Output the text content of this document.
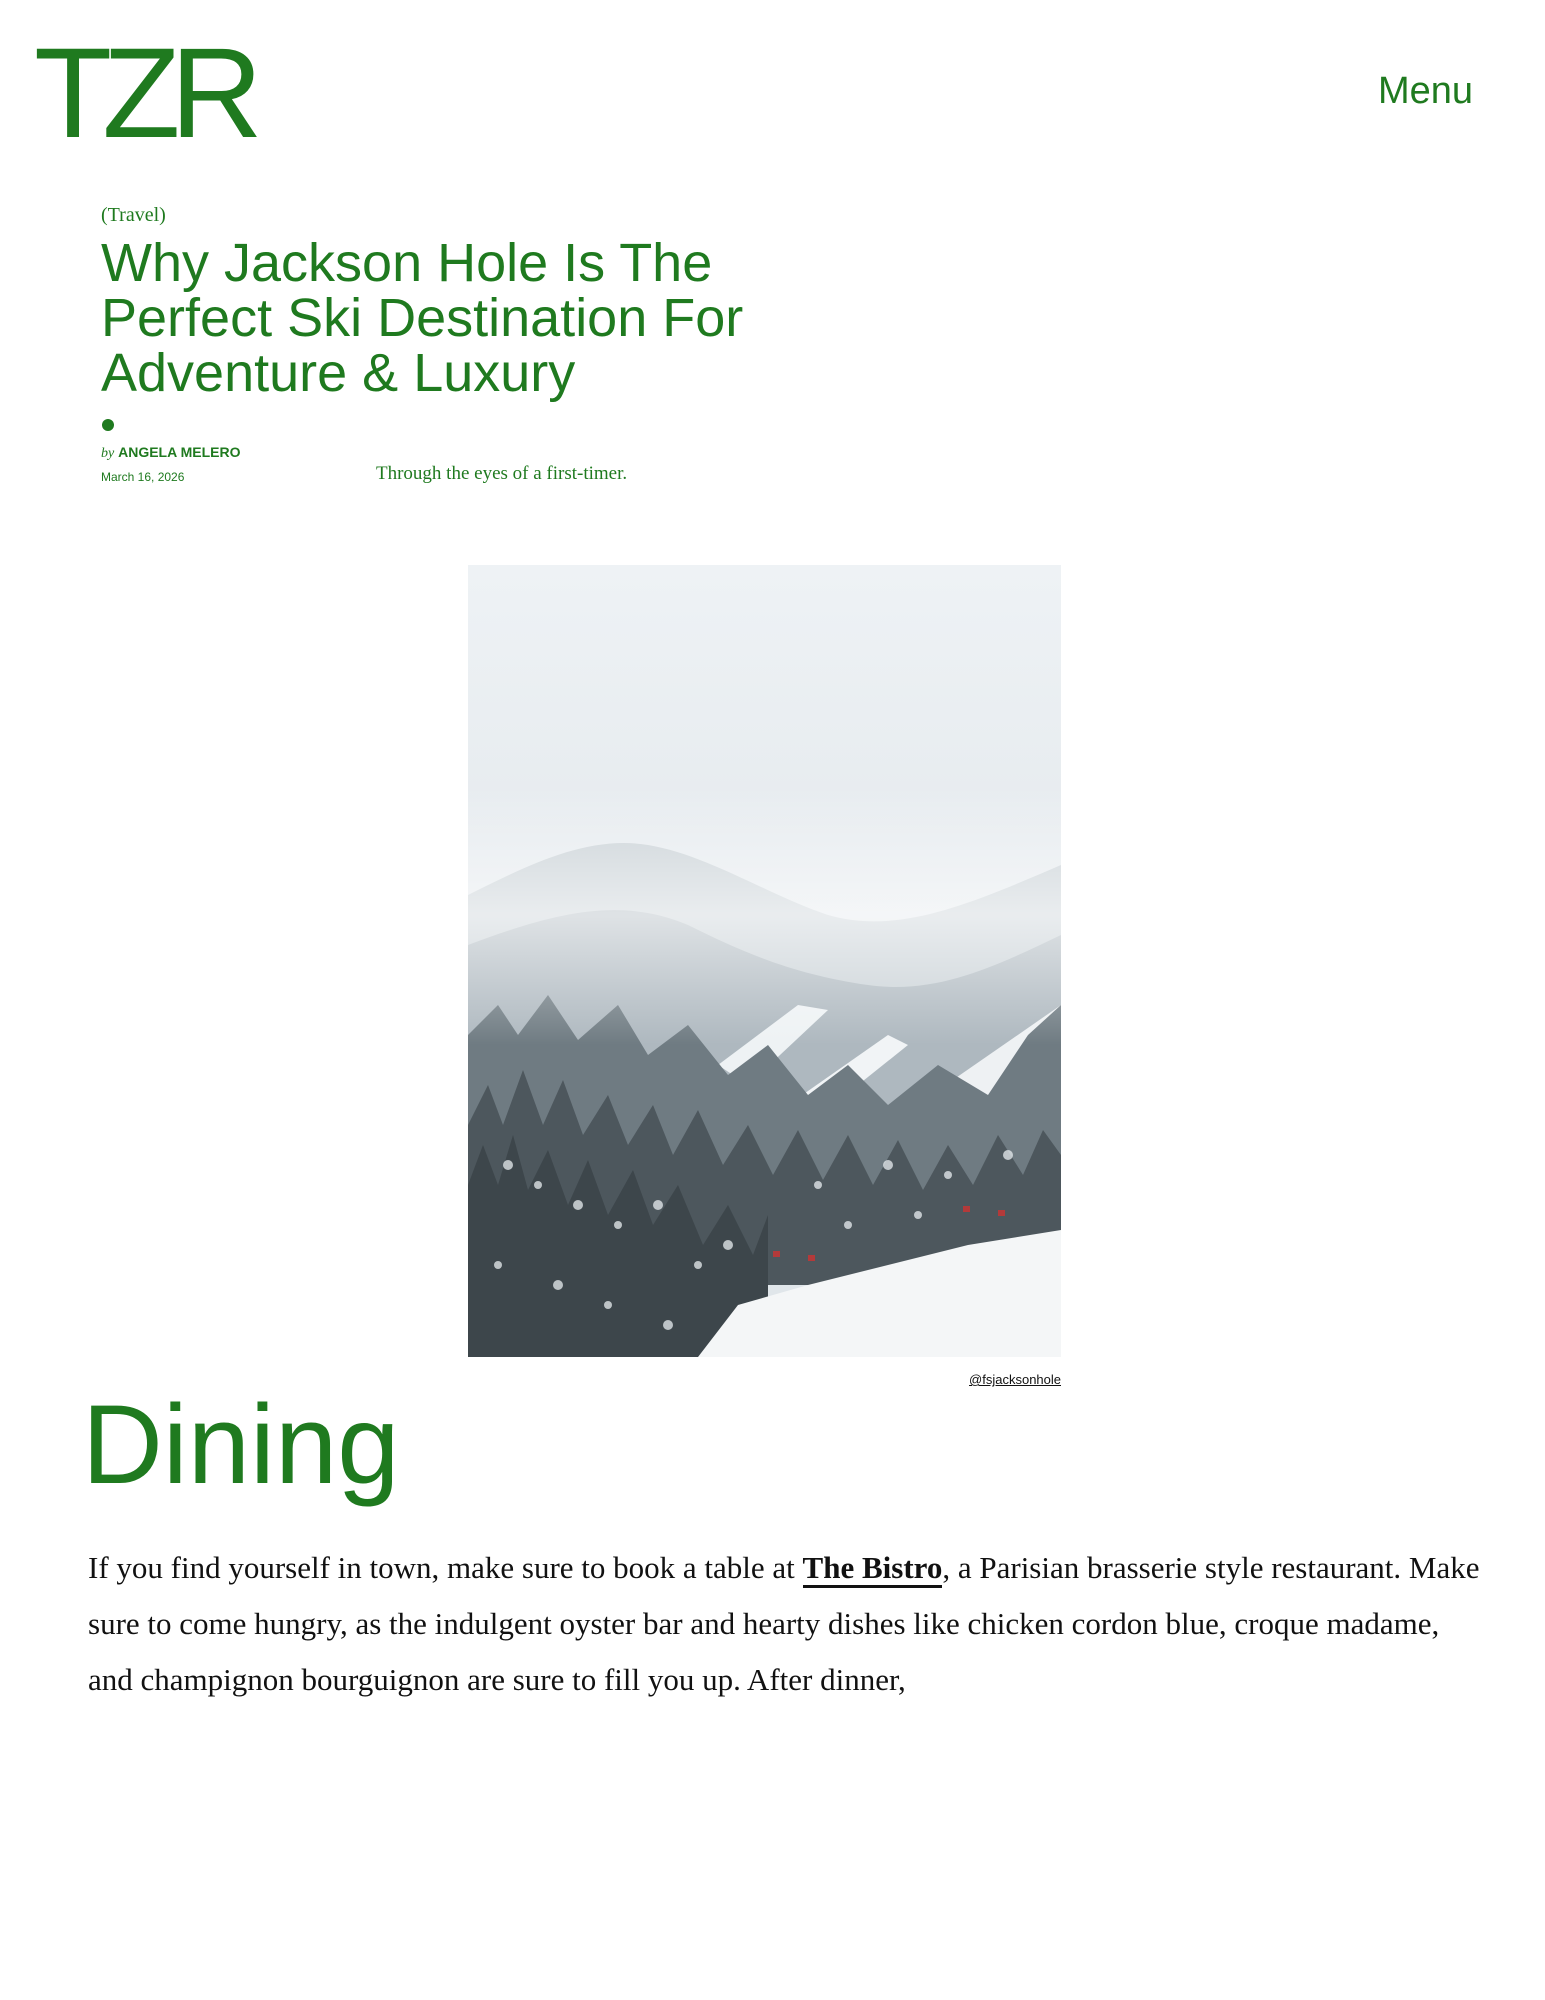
TZR	Menu
(Travel)
Why Jackson Hole Is The Perfect Ski Destination For Adventure & Luxury
by ANGELA MELERO
March 16, 2026	Through the eyes of a first-timer.
@fsjacksonhole
Dining

If you find yourself in town, make sure to book a table at The Bistro, a Parisian brasserie style restaurant. Make sure to come hungry, as the indulgent oyster bar and hearty dishes like chicken cordon blue, croque madame, and champignon bourguignon are sure to fill you up. After dinner,
